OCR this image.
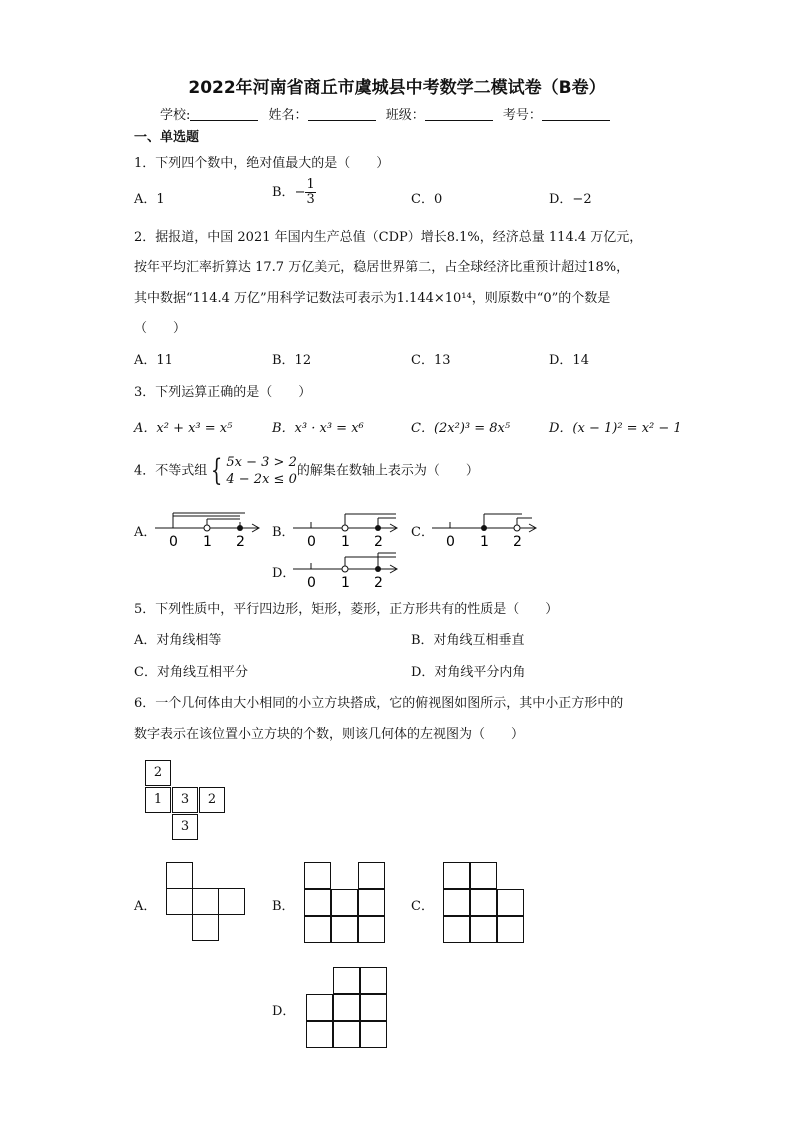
2022年河南省商丘市虞城县中考数学二模试卷（B卷）
学校:	姓名：	班级：	考号：
一、单选题
1．下列四个数中，绝对值最大的是（　　）
A．1	B．− $\frac{1}{3}$	C．0	D．−2
2．据报道，中国 2021 年国内生产总值（CDP）增长8.1%，经济总量 114.4 万亿元，
按年平均汇率折算达 17.7 万亿美元，稳居世界第二，占全球经济比重预计超过18%，
其中数据“114.4 万亿”用科学记数法可表示为1.144×10¹⁴，则原数中“0”的个数是
（　　）
A．11	B．12	C．13	D．14
3．下列运算正确的是（　　）
A．x² + x³ = x⁵	B．x³ · x³ = x⁶	C．(2x²)³ = 8x⁵	D．(x − 1)² = x² − 1
4．不等式组 { 5x − 3 > 2
4 − 2x ≤ 0
的解集在数轴上表示为（　　）
A．
0 1 2
B．
0 1 2
C．
0 1 2
D．
0 1 2
5．下列性质中，平行四边形，矩形，菱形，正方形共有的性质是（　　）
A．对角线相等	B．对角线互相垂直
C．对角线互相平分	D．对角线平分内角
6．一个几何体由大小相同的小立方块搭成，它的俯视图如图所示，其中小正方形中的
数字表示在该位置小立方块的个数，则该几何体的左视图为（　　）
2
1	3	2
3
A．	B．	C．
D．
